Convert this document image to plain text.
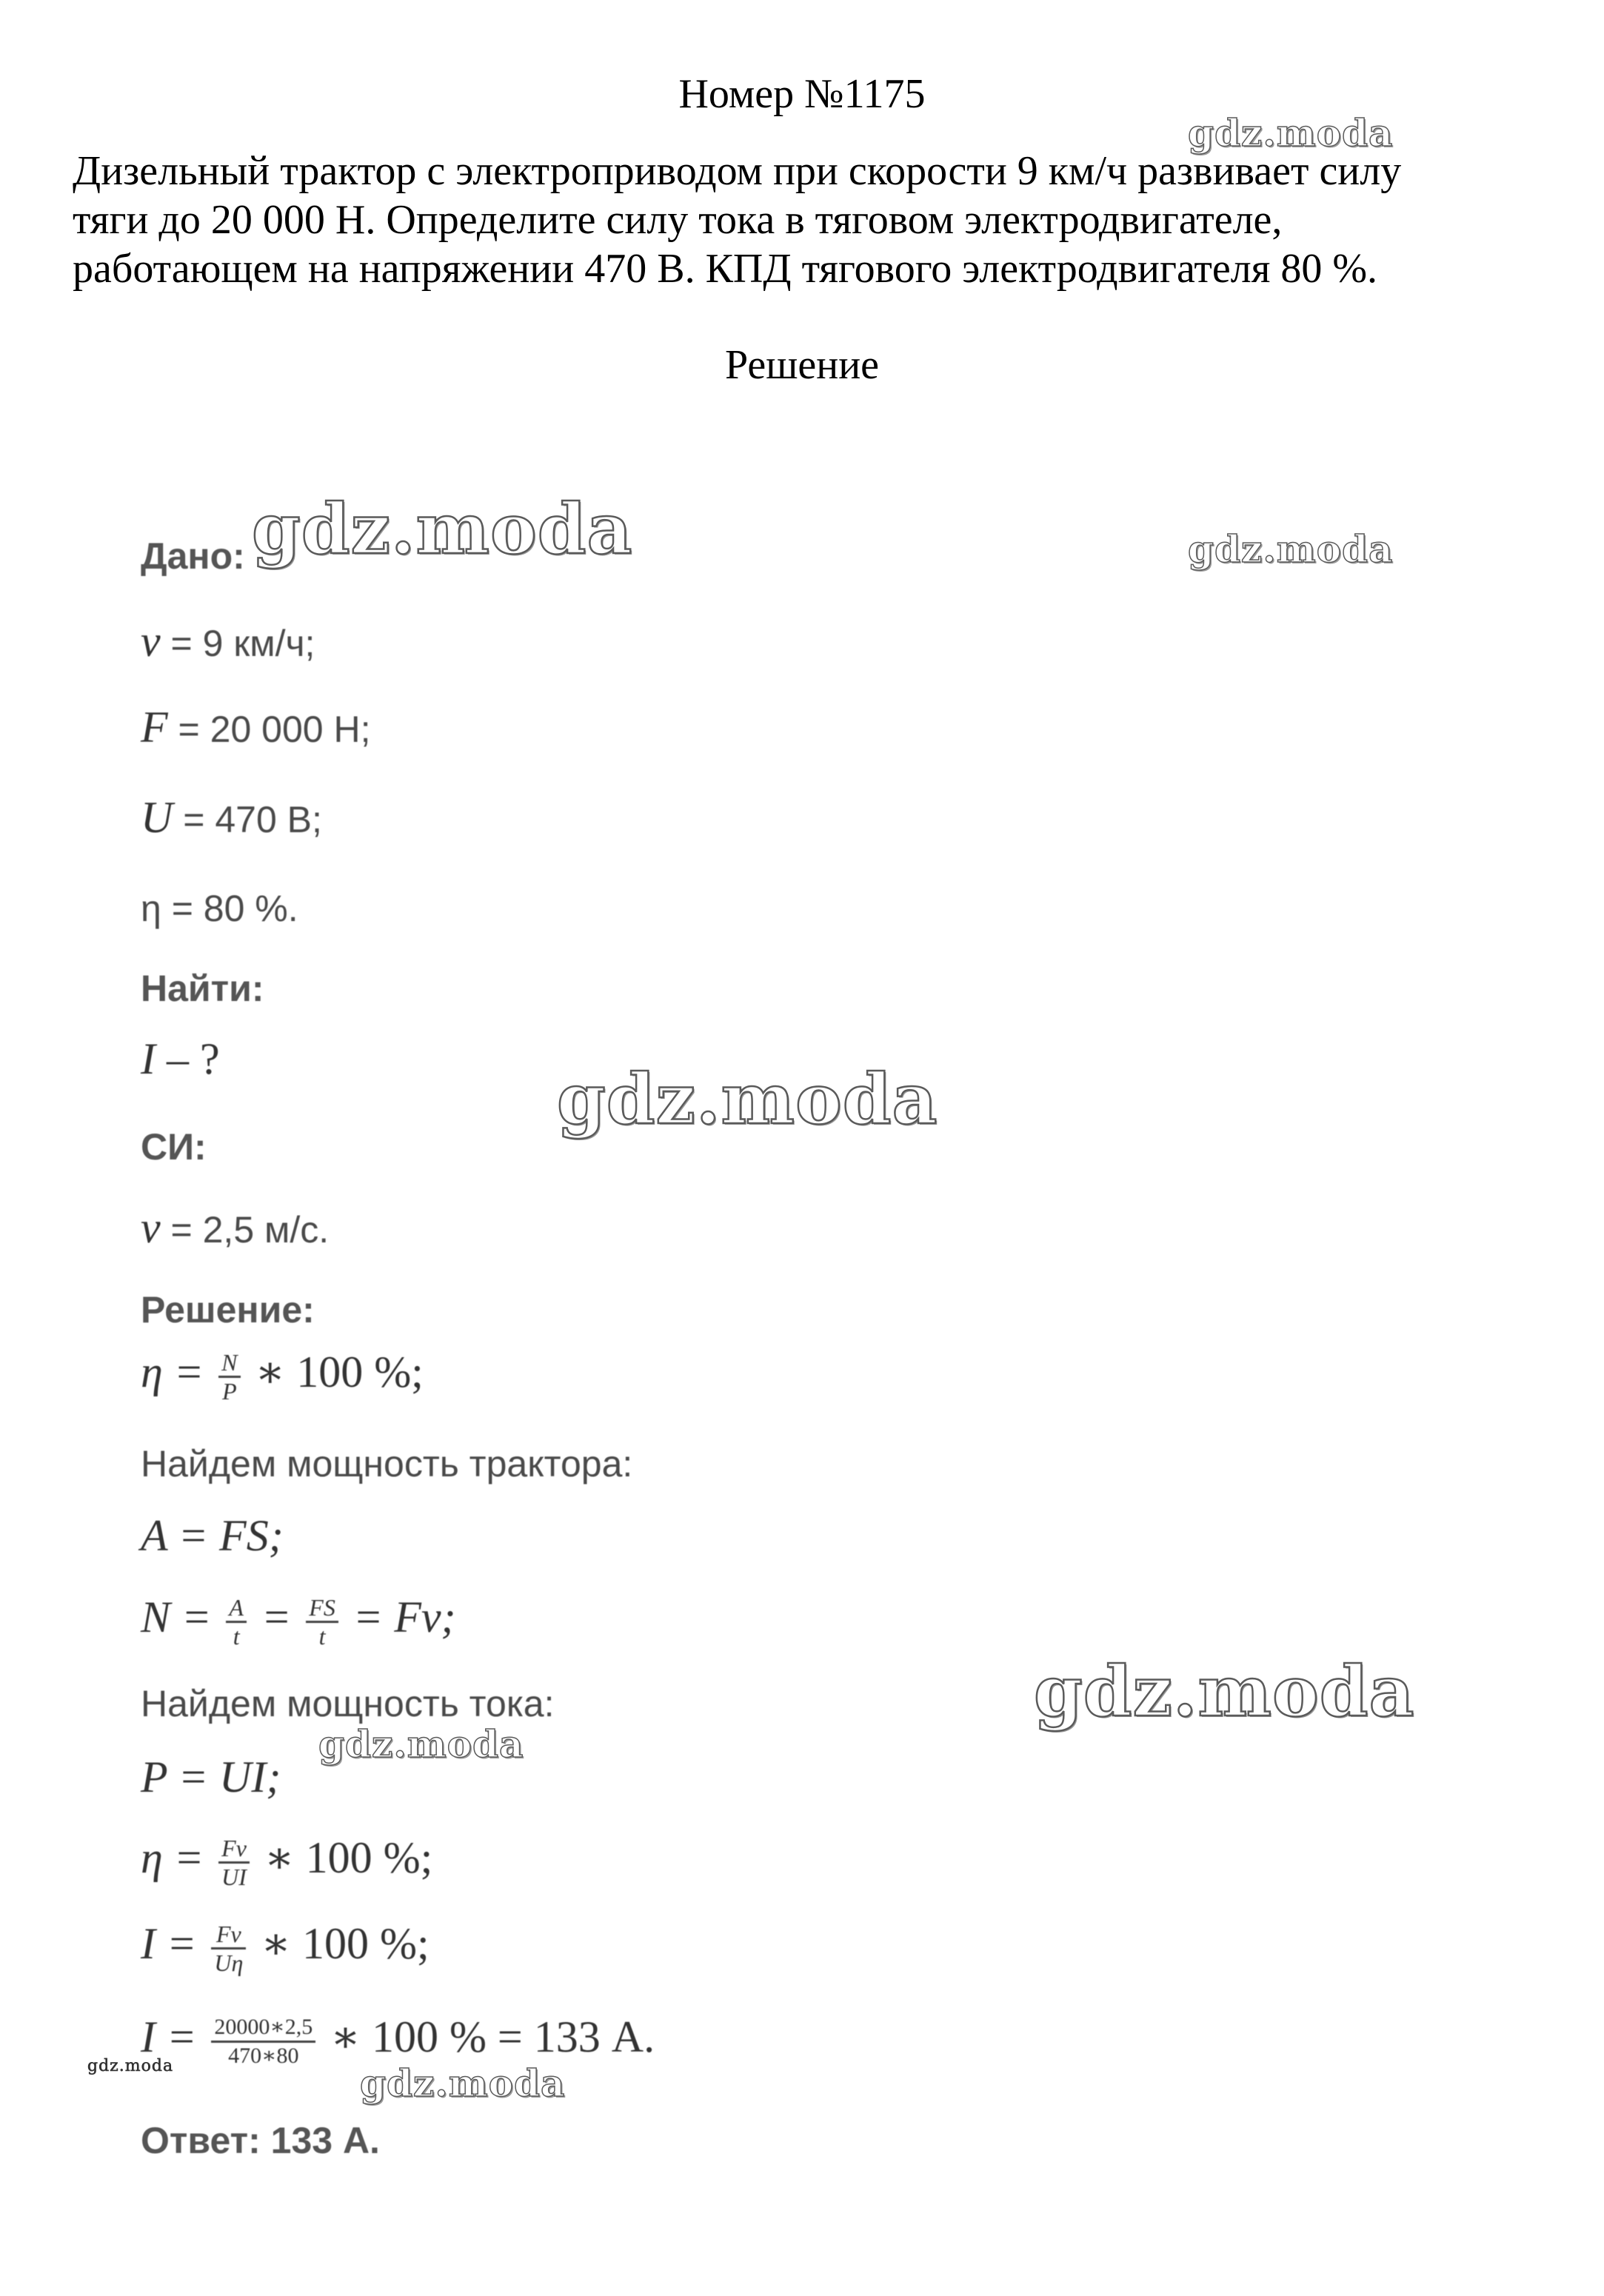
Номер №1175
Дизельный трактор с электроприводом при скорости 9 км/ч развивает силу
тяги до 20 000 Н. Определите силу тока в тяговом электродвигателе,
работающем на напряжении 470 В. КПД тягового электродвигателя 80 %.
Решение
Дано:
v = 9 км/ч;
F = 20 000 Н;
U = 470 В;
η = 80 %.
Найти:
I – ?
СИ:
v = 2,5 м/с.
Решение:
$\eta = \frac{N}{P}$ ∗ 100 %;
Найдем мощность трактора:
A = FS;
$N = \frac{A}{t} = \frac{FS}{t} = Fv$;
Найдем мощность тока:
P = UI;
$\eta = \frac{Fv}{UI}$ ∗ 100 %;
$I = \frac{Fv}{U\eta}$ ∗ 100 %;
$I = \frac{20000∗2,5}{470∗80}$ ∗ 100 % = 133 А.
Ответ: 133 А.
gdz.moda
gdz.moda	gdz.moda
gdz.moda
gdz.moda
gdz.moda
gdz.moda
gdz.moda
